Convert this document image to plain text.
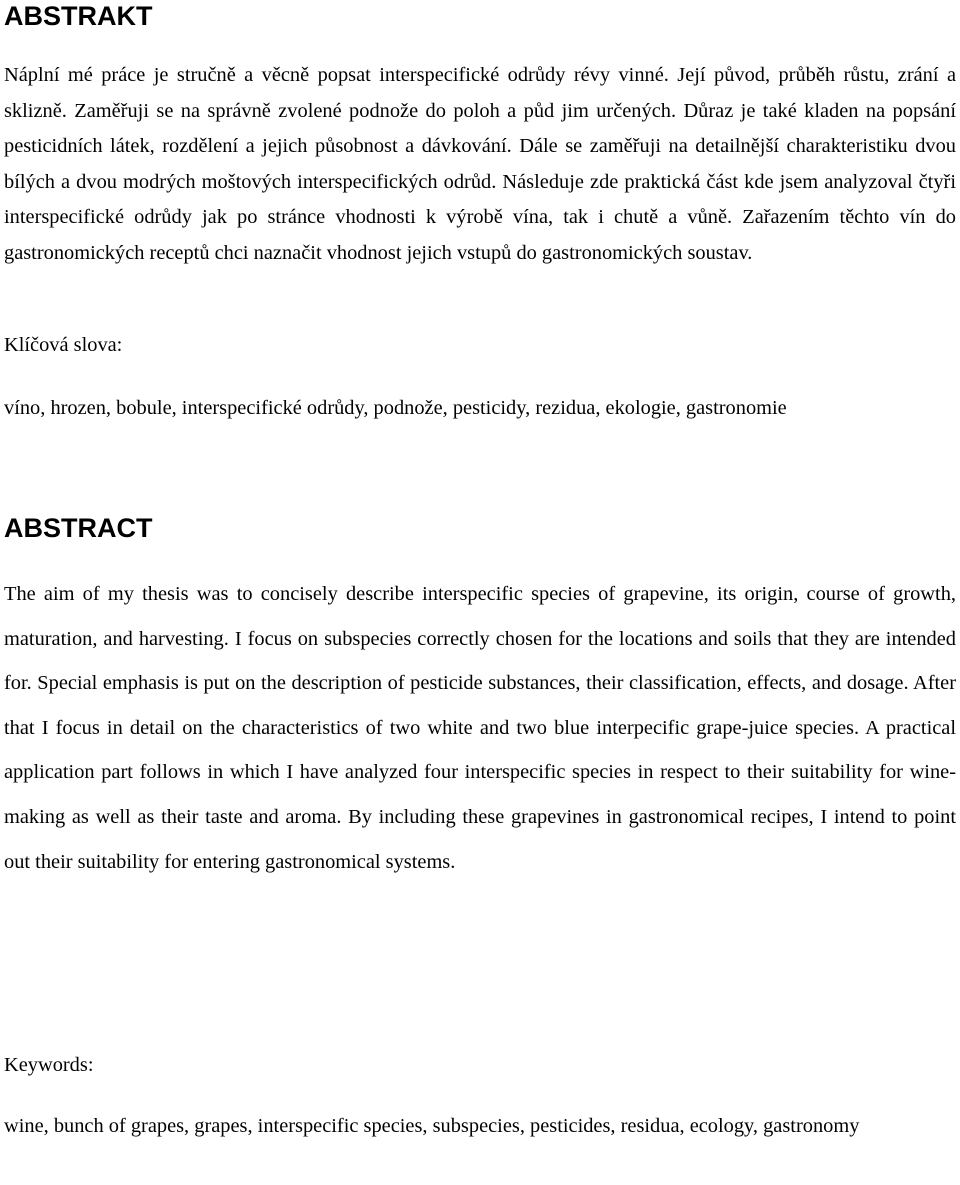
ABSTRAKT

Náplní mé práce je stručně a věcně popsat interspecifické odrůdy révy vinné. Její původ, průběh růstu, zrání a sklizně. Zaměřuji se na správně zvolené podnože do poloh a půd jim určených. Důraz je také kladen na popsání pesticidních látek, rozdělení a jejich působnost a dávkování. Dále se zaměřuji na detailnější charakteristiku dvou bílých a dvou modrých moštových interspecifických odrůd. Následuje zde praktická část kde jsem analyzoval čtyři interspecifické odrůdy jak po stránce vhodnosti k výrobě vína, tak i chutě a vůně. Zařazením těchto vín do gastronomických receptů chci naznačit vhodnost jejich vstupů do gastronomických soustav.

Klíčová slova:

víno, hrozen, bobule, interspecifické odrůdy, podnože, pesticidy, rezidua, ekologie, gastronomie

ABSTRACT

The aim of my thesis was to concisely describe interspecific species of grapevine, its origin, course of growth, maturation, and harvesting. I focus on subspecies correctly chosen for the locations and soils that they are intended for. Special emphasis is put on the description of pesticide substances, their classification, effects, and dosage. After that I focus in detail on the characteristics of two white and two blue interpecific grape-juice species. A practical application part follows in which I have analyzed four interspecific species in respect to their suitability for wine-making as well as their taste and aroma. By including these grapevines in gastronomical recipes, I intend to point out their suitability for entering gastronomical systems.

Keywords:

wine, bunch of grapes, grapes, interspecific species, subspecies, pesticides, residua, ecology, gastronomy
